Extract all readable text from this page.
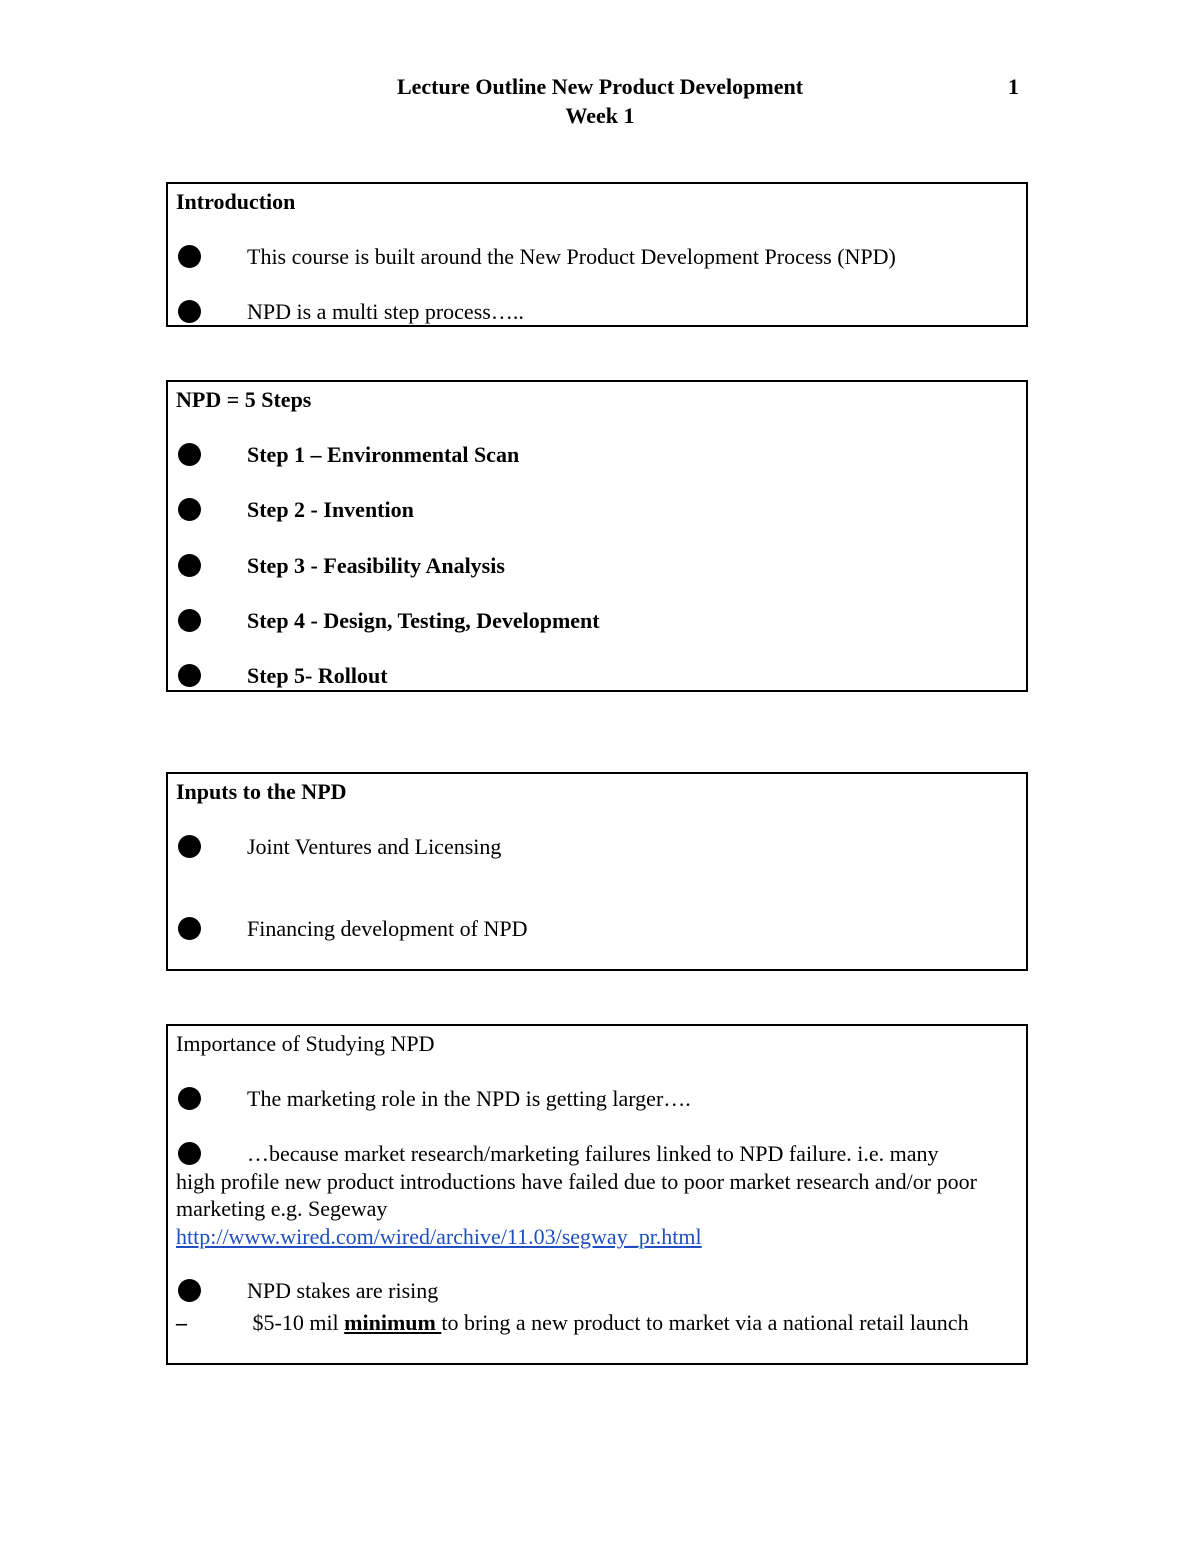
Lecture Outline New Product Development
Week 1
1
Introduction
This course is built around the New Product Development Process (NPD)
NPD is a multi step process…..
NPD = 5 Steps
Step 1 – Environmental Scan
Step 2 - Invention
Step 3 - Feasibility Analysis
Step 4 - Design, Testing, Development
Step 5- Rollout
Inputs to the NPD
Joint Ventures and Licensing
Financing development of NPD
Importance of Studying NPD
The marketing role in the NPD is getting larger….
…because market research/marketing failures linked to NPD failure. i.e. many
high profile new product introductions have failed due to poor market research and/or poor marketing e.g. Segeway
http://www.wired.com/wired/archive/11.03/segway_pr.html
NPD stakes are rising
–	$5-10 mil minimum to bring a new product to market via a national retail launch
